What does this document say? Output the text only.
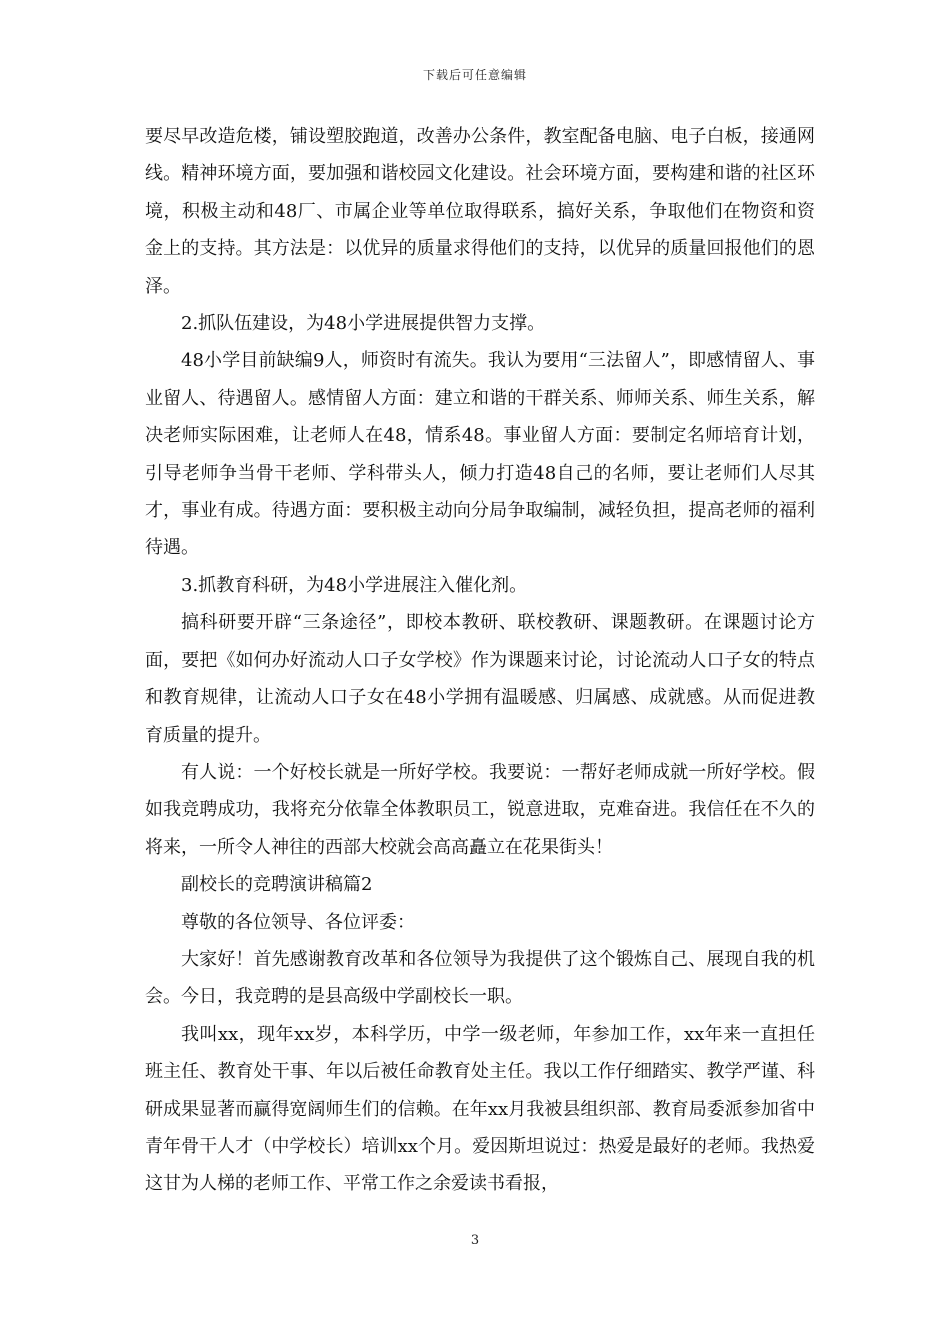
下载后可任意编辑

要尽早改造危楼，铺设塑胶跑道，改善办公条件，教室配备电脑、电子白板，接通网线。精神环境方面，要加强和谐校园文化建设。社会环境方面，要构建和谐的社区环境，积极主动和48厂、市属企业等单位取得联系，搞好关系，争取他们在物资和资金上的支持。其方法是：以优异的质量求得他们的支持，以优异的质量回报他们的恩泽。

2.抓队伍建设，为48小学进展提供智力支撑。

48小学目前缺编9人，师资时有流失。我认为要用“三法留人”，即感情留人、事业留人、待遇留人。感情留人方面：建立和谐的干群关系、师师关系、师生关系，解决老师实际困难，让老师人在48，情系48。事业留人方面：要制定名师培育计划，引导老师争当骨干老师、学科带头人，倾力打造48自己的名师，要让老师们人尽其才，事业有成。待遇方面：要积极主动向分局争取编制，减轻负担，提高老师的福利待遇。

3.抓教育科研，为48小学进展注入催化剂。

搞科研要开辟“三条途径”，即校本教研、联校教研、课题教研。在课题讨论方面，要把《如何办好流动人口子女学校》作为课题来讨论，讨论流动人口子女的特点和教育规律，让流动人口子女在48小学拥有温暖感、归属感、成就感。从而促进教育质量的提升。

有人说：一个好校长就是一所好学校。我要说：一帮好老师成就一所好学校。假如我竞聘成功，我将充分依靠全体教职员工，锐意进取，克难奋进。我信任在不久的将来，一所令人神往的西部大校就会高高矗立在花果街头！

副校长的竞聘演讲稿篇2

尊敬的各位领导、各位评委：

大家好！首先感谢教育改革和各位领导为我提供了这个锻炼自己、展现自我的机会。今日，我竞聘的是县高级中学副校长一职。

我叫xx，现年xx岁，本科学历，中学一级老师，年参加工作，xx年来一直担任班主任、教育处干事、年以后被任命教育处主任。我以工作仔细踏实、教学严谨、科研成果显著而赢得宽阔师生们的信赖。在年xx月我被县组织部、教育局委派参加省中青年骨干人才（中学校长）培训xx个月。爱因斯坦说过：热爱是最好的老师。我热爱这甘为人梯的老师工作、平常工作之余爱读书看报，

3
